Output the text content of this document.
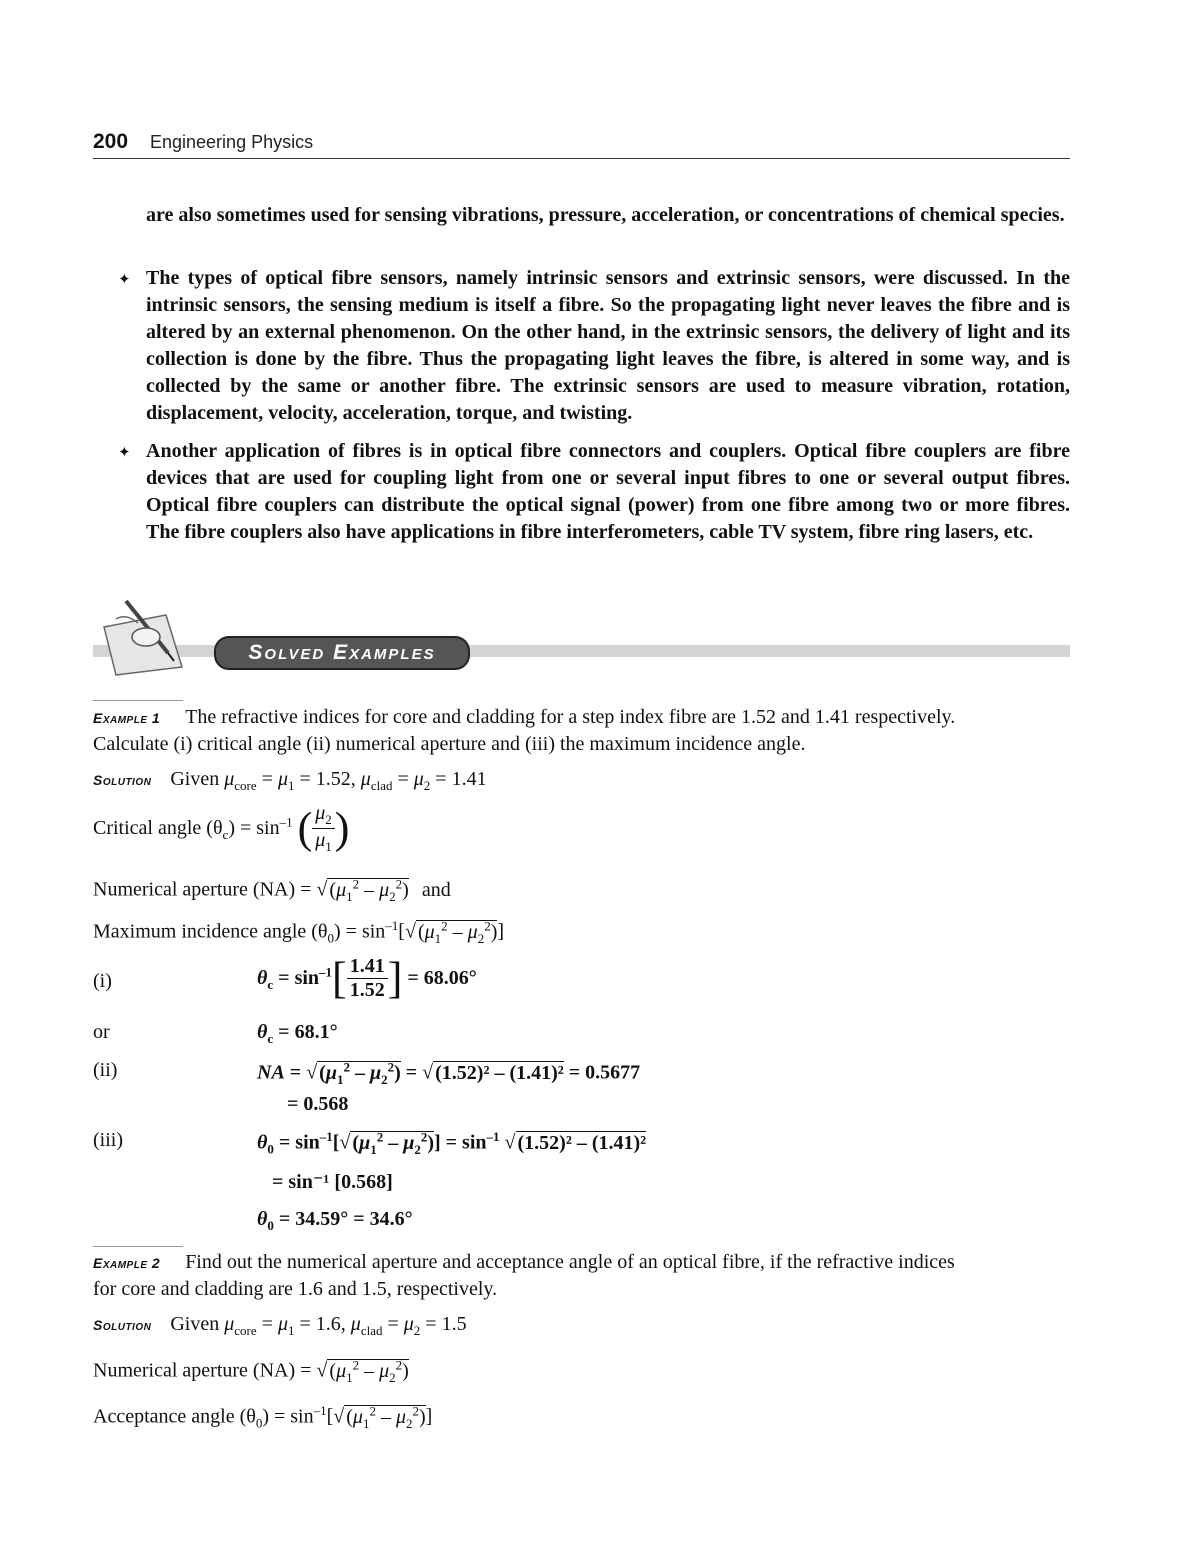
200 Engineering Physics
are also sometimes used for sensing vibrations, pressure, acceleration, or concentrations of chemical species.
✦ The types of optical fibre sensors, namely intrinsic sensors and extrinsic sensors, were discussed. In the intrinsic sensors, the sensing medium is itself a fibre. So the propagating light never leaves the fibre and is altered by an external phenomenon. On the other hand, in the extrinsic sensors, the delivery of light and its collection is done by the fibre. Thus the propagating light leaves the fibre, is altered in some way, and is collected by the same or another fibre. The extrinsic sensors are used to measure vibration, rotation, displacement, velocity, acceleration, torque, and twisting.
✦ Another application of fibres is in optical fibre connectors and couplers. Optical fibre couplers are fibre devices that are used for coupling light from one or several input fibres to one or several output fibres. Optical fibre couplers can distribute the optical signal (power) from one fibre among two or more fibres. The fibre couplers also have applications in fibre interferometers, cable TV system, fibre ring lasers, etc.
Solved Examples
Example 1 The refractive indices for core and cladding for a step index fibre are 1.52 and 1.41 respectively.
Calculate (i) critical angle (ii) numerical aperture and (iii) the maximum incidence angle.
Solution Given $\mu_{core} = \mu_1 = 1.52$, $\mu_{clad} = \mu_2 = 1.41$
Critical angle $(\theta_c) = \sin^{-1}$ ( $\frac{\mu_2}{\mu_1}$ )
Numerical aperture (NA) = √ $(\mu_1^2 - \mu_2^2)$ and
Maximum incidence angle $(\theta_0) = \sin^{-1}[√$ $(\mu_1^2 - \mu_2^2)$]
(i)	$\theta_c = \sin^{-1}[ \frac{1.41}{1.52}$ ] = 68.06°
or	$\theta_c = 68.1^\circ$
(ii)	NA = √ $(\mu_1^2 - \mu_2^2)$ = √ (1.52)² – (1.41)² = 0.5677
= 0.568
(iii)	$\theta_0 = \sin^{-1}[√$ $(\mu_1^2 - \mu_2^2)] = \sin^{-1}$ √ (1.52)² – (1.41)²
= sin⁻¹ [0.568]
$\theta_0 = 34.59^\circ = 34.6^\circ$
Example 2 Find out the numerical aperture and acceptance angle of an optical fibre, if the refractive indices
for core and cladding are 1.6 and 1.5, respectively.
Solution Given $\mu_{core} = \mu_1 = 1.6$, $\mu_{clad} = \mu_2 = 1.5$
Numerical aperture (NA) = √ $(\mu_1^2 - \mu_2^2)$
Acceptance angle $(\theta_0) = \sin^{-1}[√$ $(\mu_1^2 - \mu_2^2)$]
